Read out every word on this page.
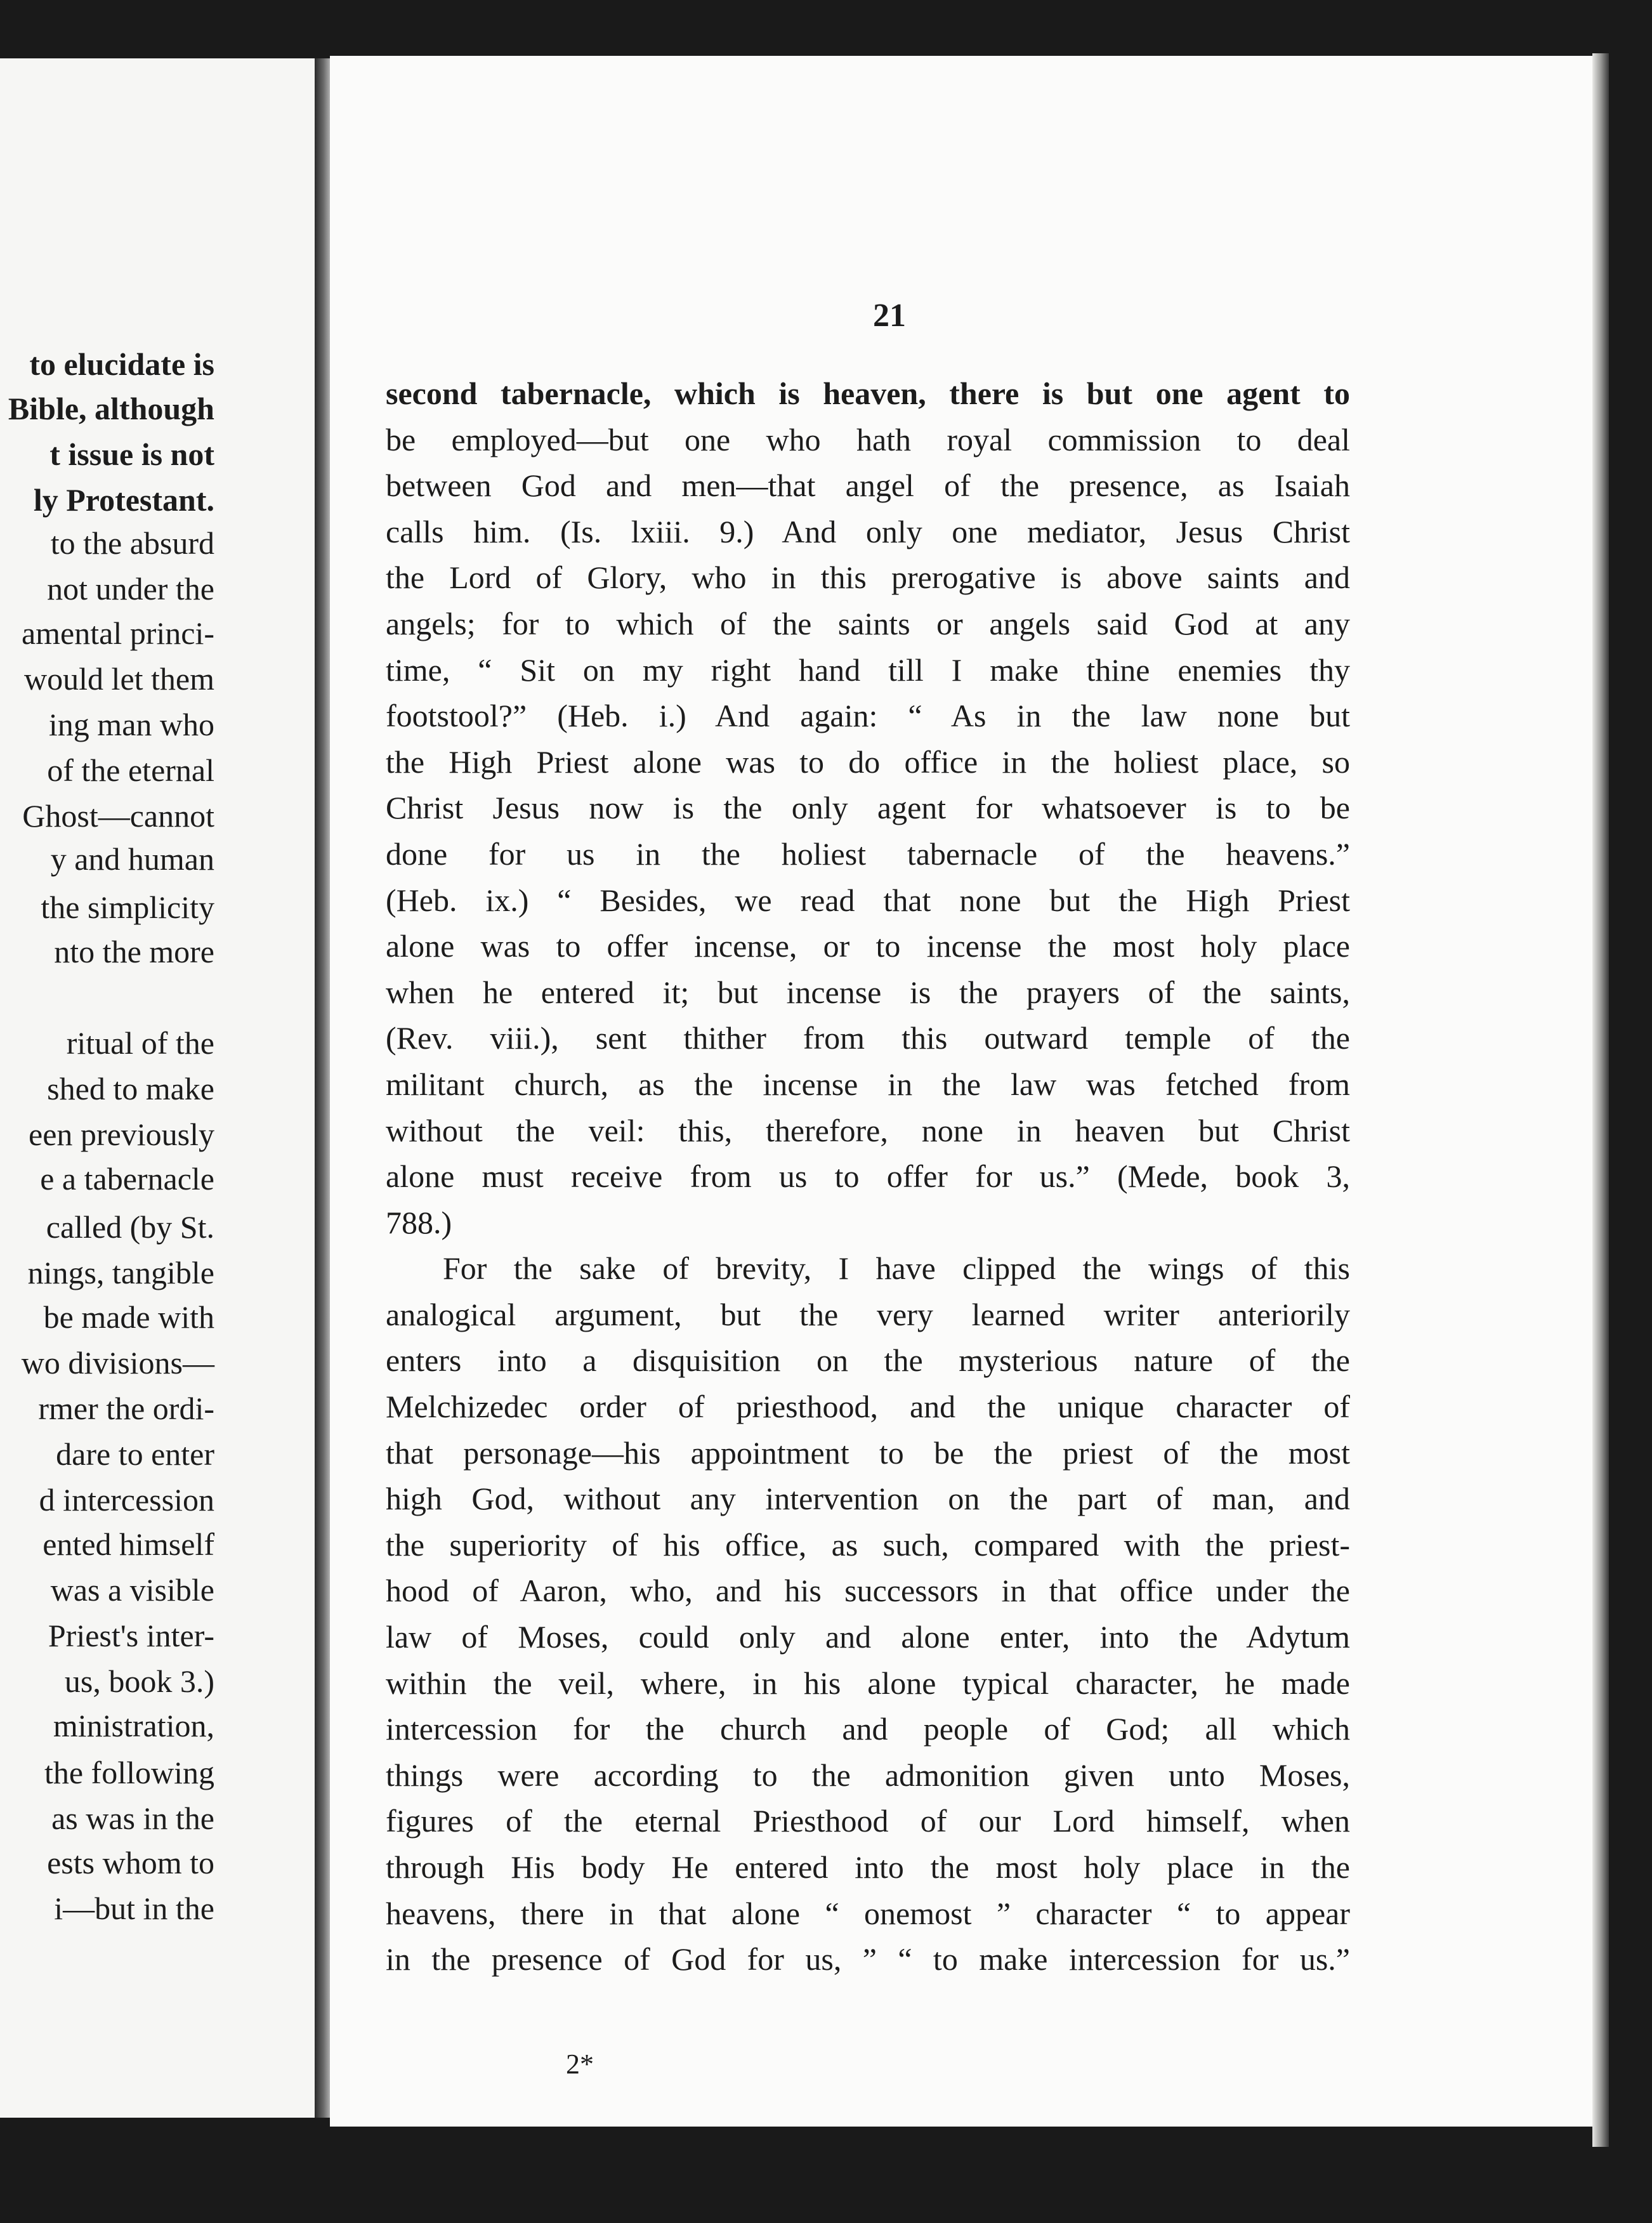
to elucidate is
Bible, although
t issue is not
ly Protestant.
to the absurd
not under the
amental princi-
would let them
ing man who
of the eternal
Ghost—cannot
y and human
the simplicity
nto the more
ritual of the
shed to make
een previously
e a tabernacle
called (by St.
nings, tangible
be made with
wo divisions—
rmer the ordi-
dare to enter
d intercession
ented himself
was a visible
Priest's inter-
us, book 3.)
ministration,
the following
as was in the
ests whom to
i—but in the
21
second tabernacle, which is heaven, there is but one agent to
be employed—but one who hath royal commission to deal
between God and men—that angel of the presence, as Isaiah
calls him. (Is. lxiii. 9.) And only one mediator, Jesus Christ
the Lord of Glory, who in this prerogative is above saints and
angels; for to which of the saints or angels said God at any
time, “ Sit on my right hand till I make thine enemies thy
footstool?” (Heb. i.) And again: “ As in the law none but
the High Priest alone was to do office in the holiest place, so
Christ Jesus now is the only agent for whatsoever is to be
done for us in the holiest tabernacle of the heavens.”
(Heb. ix.) “ Besides, we read that none but the High Priest
alone was to offer incense, or to incense the most holy place
when he entered it; but incense is the prayers of the saints,
(Rev. viii.), sent thither from this outward temple of the
militant church, as the incense in the law was fetched from
without the veil: this, therefore, none in heaven but Christ
alone must receive from us to offer for us.” (Mede, book 3,
788.)
For the sake of brevity, I have clipped the wings of this
analogical argument, but the very learned writer anteriorily
enters into a disquisition on the mysterious nature of the
Melchizedec order of priesthood, and the unique character of
that personage—his appointment to be the priest of the most
high God, without any intervention on the part of man, and
the superiority of his office, as such, compared with the priest-
hood of Aaron, who, and his successors in that office under the
law of Moses, could only and alone enter, into the Adytum
within the veil, where, in his alone typical character, he made
intercession for the church and people of God; all which
things were according to the admonition given unto Moses,
figures of the eternal Priesthood of our Lord himself, when
through His body He entered into the most holy place in the
heavens, there in that alone “ onemost ” character “ to appear
in the presence of God for us, ” “ to make intercession for us.”
2*
